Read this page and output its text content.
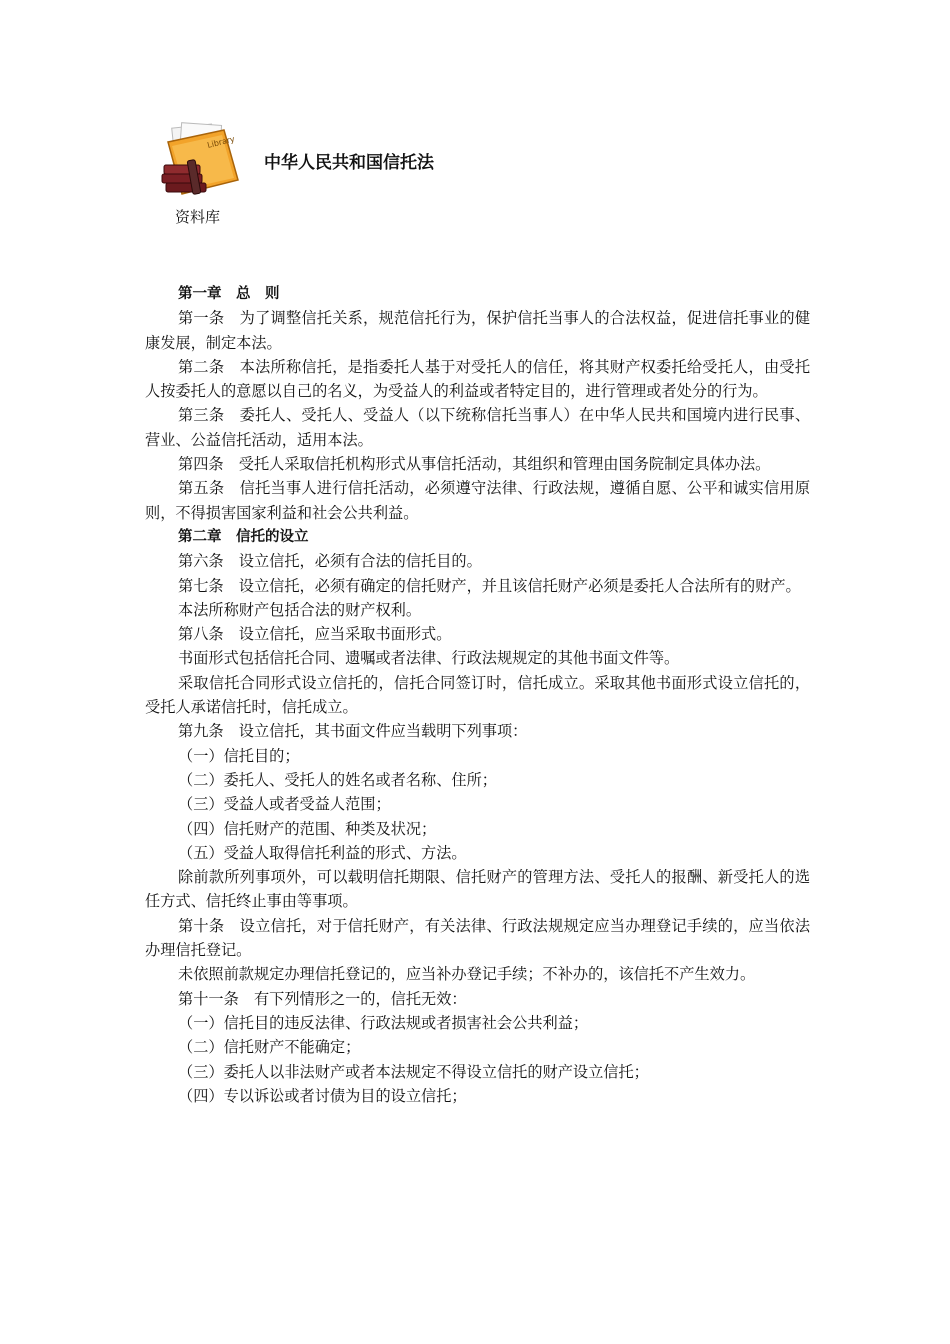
Library
资料库
中华人民共和国信托法
第一章　总　则
第一条　为了调整信托关系，规范信托行为，保护信托当事人的合法权益，促进信托事业的健康发展，制定本法。
第二条　本法所称信托，是指委托人基于对受托人的信任，将其财产权委托给受托人，由受托人按委托人的意愿以自己的名义，为受益人的利益或者特定目的，进行管理或者处分的行为。
第三条　委托人、受托人、受益人（以下统称信托当事人）在中华人民共和国境内进行民事、营业、公益信托活动，适用本法。
第四条　受托人采取信托机构形式从事信托活动，其组织和管理由国务院制定具体办法。
第五条　信托当事人进行信托活动，必须遵守法律、行政法规，遵循自愿、公平和诚实信用原则，不得损害国家利益和社会公共利益。
第二章　信托的设立
第六条　设立信托，必须有合法的信托目的。
第七条　设立信托，必须有确定的信托财产，并且该信托财产必须是委托人合法所有的财产。
本法所称财产包括合法的财产权利。
第八条　设立信托，应当采取书面形式。
书面形式包括信托合同、遗嘱或者法律、行政法规规定的其他书面文件等。
采取信托合同形式设立信托的，信托合同签订时，信托成立。采取其他书面形式设立信托的，受托人承诺信托时，信托成立。
第九条　设立信托，其书面文件应当载明下列事项：
（一）信托目的；
（二）委托人、受托人的姓名或者名称、住所；
（三）受益人或者受益人范围；
（四）信托财产的范围、种类及状况；
（五）受益人取得信托利益的形式、方法。
除前款所列事项外，可以载明信托期限、信托财产的管理方法、受托人的报酬、新受托人的选任方式、信托终止事由等事项。
第十条　设立信托，对于信托财产，有关法律、行政法规规定应当办理登记手续的，应当依法办理信托登记。
未依照前款规定办理信托登记的，应当补办登记手续；不补办的，该信托不产生效力。
第十一条　有下列情形之一的，信托无效：
（一）信托目的违反法律、行政法规或者损害社会公共利益；
（二）信托财产不能确定；
（三）委托人以非法财产或者本法规定不得设立信托的财产设立信托；
（四）专以诉讼或者讨债为目的设立信托；
